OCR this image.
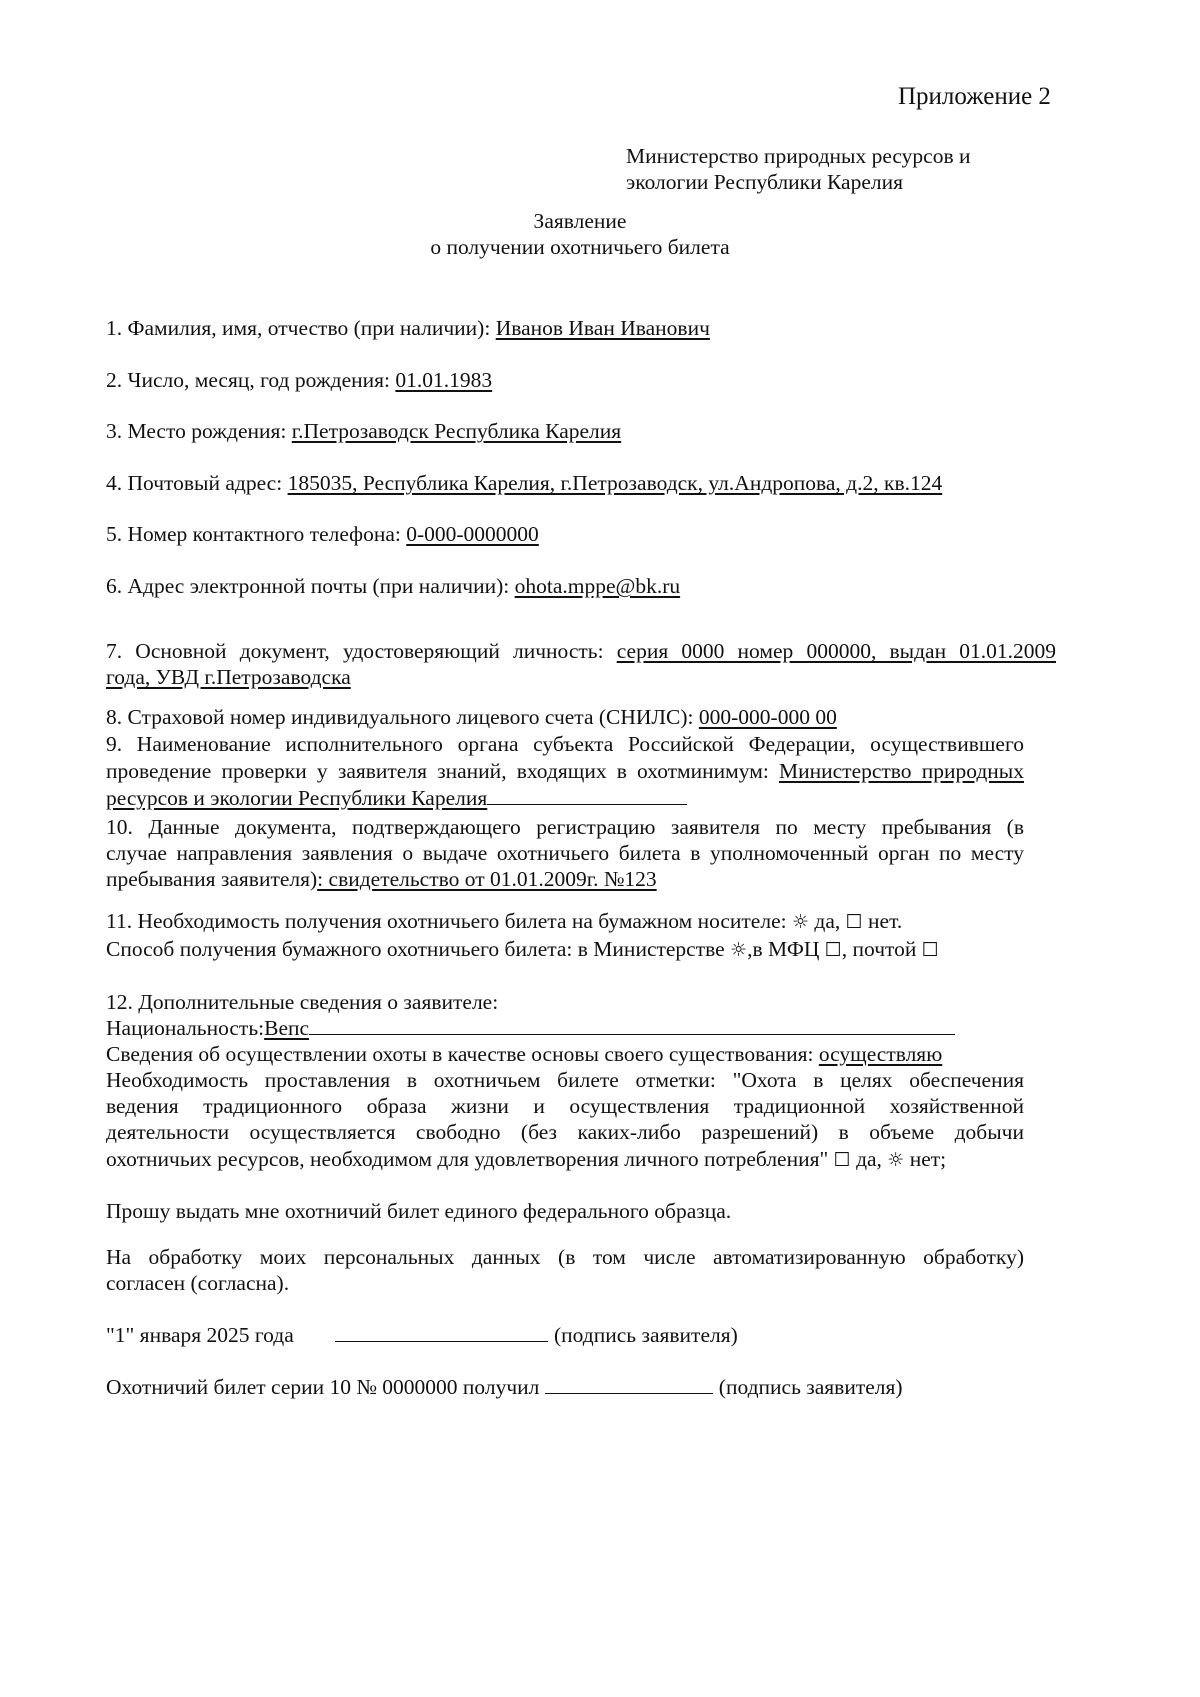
Приложение 2
Министерство природных ресурсов и
экологии Республики Карелия
Заявление
о получении охотничьего билета
1. Фамилия, имя, отчество (при наличии): Иванов Иван Иванович
2. Число, месяц, год рождения: 01.01.1983
3. Место рождения: г.Петрозаводск Республика Карелия
4. Почтовый адрес: 185035, Республика Карелия, г.Петрозаводск, ул.Андропова, д.2, кв.124
5. Номер контактного телефона: 0-000-0000000
6. Адрес электронной почты (при наличии): ohota.mppe@bk.ru
7. Основной документ, удостоверяющий личность: серия 0000 номер 000000, выдан 01.01.2009
года, УВД г.Петрозаводска
8. Страховой номер индивидуального лицевого счета (СНИЛС): 000-000-000 00
9. Наименование исполнительного органа субъекта Российской Федерации, осуществившего
проведение проверки у заявителя знаний, входящих в охотминимум: Министерство природных
ресурсов и экологии Республики Карелия
10. Данные документа, подтверждающего регистрацию заявителя по месту пребывания (в
случае направления заявления о выдаче охотничьего билета в уполномоченный орган по месту
пребывания заявителя): свидетельство от 01.01.2009г. №123
11. Необходимость получения охотничьего билета на бумажном носителе: ☼ да, ☐ нет.
Способ получения бумажного охотничьего билета: в Министерстве ☼,в МФЦ ☐, почтой ☐
12. Дополнительные сведения о заявителе:
Национальность:Вепс
Сведения об осуществлении охоты в качестве основы своего существования: осуществляю
Необходимость проставления в охотничьем билете отметки: "Охота в целях обеспечения
ведения традиционного образа жизни и осуществления традиционной хозяйственной
деятельности осуществляется свободно (без каких-либо разрешений) в объеме добычи
охотничьих ресурсов, необходимом для удовлетворения личного потребления" ☐ да, ☼ нет;
Прошу выдать мне охотничий билет единого федерального образца.
На обработку моих персональных данных (в том числе автоматизированную обработку)
согласен (согласна).
"1" января 2025 года	(подпись заявителя)
Охотничий билет серии 10 № 0000000 получил	(подпись заявителя)
